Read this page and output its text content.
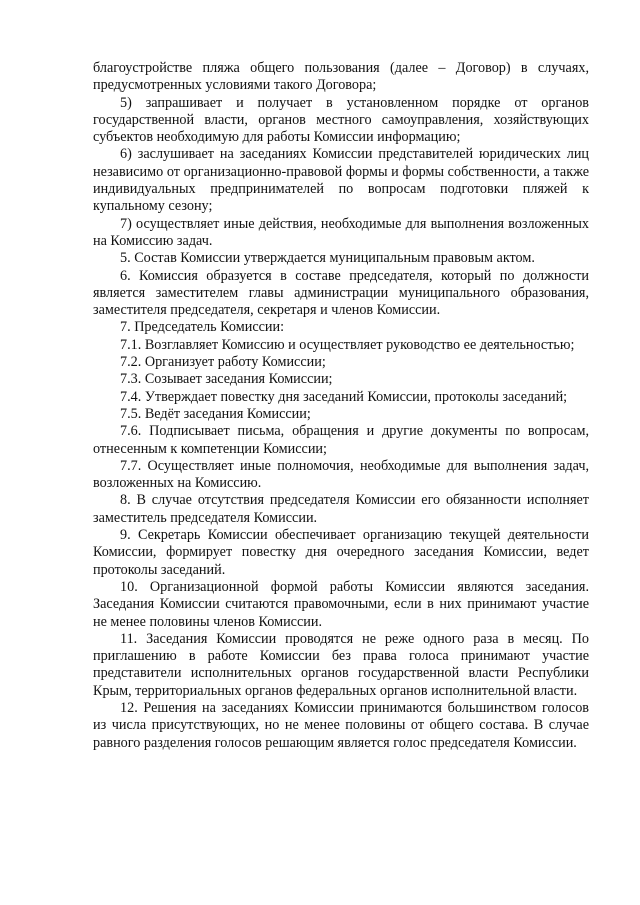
благоустройстве пляжа общего пользования (далее – Договор) в случаях, предусмотренных условиями такого Договора;

5) запрашивает и получает в установленном порядке от органов государственной власти, органов местного самоуправления, хозяйствующих субъектов необходимую для работы Комиссии информацию;

6) заслушивает на заседаниях Комиссии представителей юридических лиц независимо от организационно-правовой формы и формы собственности, а также индивидуальных предпринимателей по вопросам подготовки пляжей к купальному сезону;

7) осуществляет иные действия, необходимые для выполнения возложенных на Комиссию задач.

5. Состав Комиссии утверждается муниципальным правовым актом.

6. Комиссия образуется в составе председателя, который по должности является заместителем главы администрации муниципального образования, заместителя председателя, секретаря и членов Комиссии.

7. Председатель Комиссии:

7.1. Возглавляет Комиссию и осуществляет руководство ее деятельностью;

7.2. Организует работу Комиссии;

7.3. Созывает заседания Комиссии;

7.4. Утверждает повестку дня заседаний Комиссии, протоколы заседаний;

7.5. Ведёт заседания Комиссии;

7.6. Подписывает письма, обращения и другие документы по вопросам, отнесенным к компетенции Комиссии;

7.7. Осуществляет иные полномочия, необходимые для выполнения задач, возложенных на Комиссию.

8. В случае отсутствия председателя Комиссии его обязанности исполняет заместитель председателя Комиссии.

9. Секретарь Комиссии обеспечивает организацию текущей деятельности Комиссии, формирует повестку дня очередного заседания Комиссии, ведет протоколы заседаний.

10. Организационной формой работы Комиссии являются заседания. Заседания Комиссии считаются правомочными, если в них принимают участие не менее половины членов Комиссии.

11. Заседания Комиссии проводятся не реже одного раза в месяц. По приглашению в работе Комиссии без права голоса принимают участие представители исполнительных органов государственной власти Республики Крым, территориальных органов федеральных органов исполнительной власти.

12. Решения на заседаниях Комиссии принимаются большинством голосов из числа присутствующих, но не менее половины от общего состава. В случае равного разделения голосов решающим является голос председателя Комиссии.
